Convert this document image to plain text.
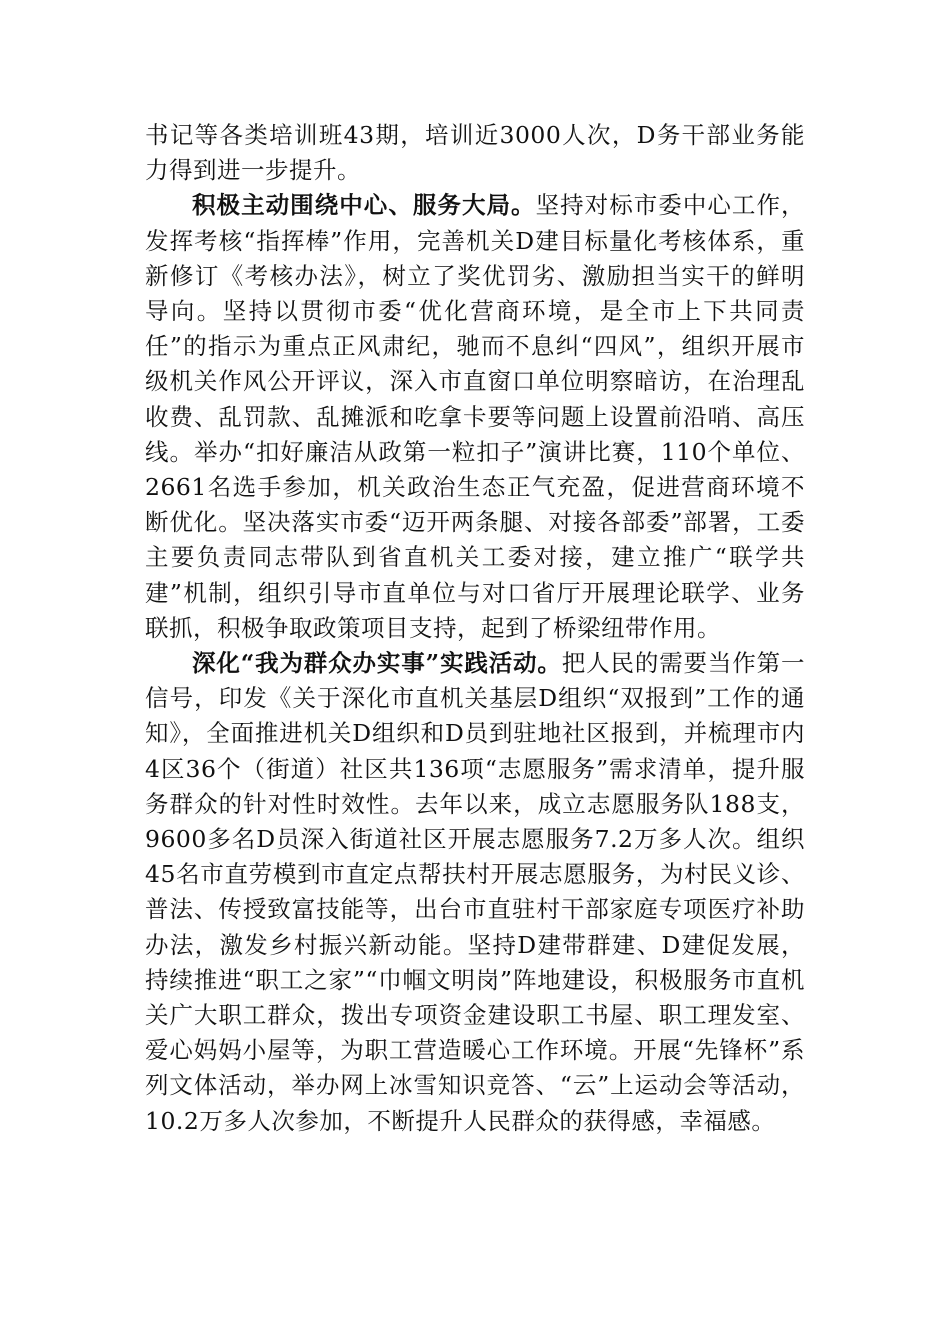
书记等各类培训班43期，培训近3000人次，D务干部业务能力得到进一步提升。

积极主动围绕中心、服务大局。坚持对标市委中心工作，发挥考核“指挥棒”作用，完善机关D建目标量化考核体系，重新修订《考核办法》，树立了奖优罚劣、激励担当实干的鲜明导向。坚持以贯彻市委“优化营商环境，是全市上下共同责任”的指示为重点正风肃纪，驰而不息纠“四风”，组织开展市级机关作风公开评议，深入市直窗口单位明察暗访，在治理乱收费、乱罚款、乱摊派和吃拿卡要等问题上设置前沿哨、高压线。举办“扣好廉洁从政第一粒扣子”演讲比赛，110个单位、2661名选手参加，机关政治生态正气充盈，促进营商环境不断优化。坚决落实市委“迈开两条腿、对接各部委”部署，工委主要负责同志带队到省直机关工委对接，建立推广“联学共建”机制，组织引导市直单位与对口省厅开展理论联学、业务联抓，积极争取政策项目支持，起到了桥梁纽带作用。

深化“我为群众办实事”实践活动。把人民的需要当作第一信号，印发《关于深化市直机关基层D组织“双报到”工作的通知》，全面推进机关D组织和D员到驻地社区报到，并梳理市内4区36个（街道）社区共136项“志愿服务”需求清单，提升服务群众的针对性时效性。去年以来，成立志愿服务队188支，9600多名D员深入街道社区开展志愿服务7.2万多人次。组织45名市直劳模到市直定点帮扶村开展志愿服务，为村民义诊、普法、传授致富技能等，出台市直驻村干部家庭专项医疗补助办法，激发乡村振兴新动能。坚持D建带群建、D建促发展，持续推进“职工之家”“巾帼文明岗”阵地建设，积极服务市直机关广大职工群众，拨出专项资金建设职工书屋、职工理发室、爱心妈妈小屋等，为职工营造暖心工作环境。开展“先锋杯”系列文体活动，举办网上冰雪知识竞答、“云”上运动会等活动，10.2万多人次参加，不断提升人民群众的获得感，幸福感。
